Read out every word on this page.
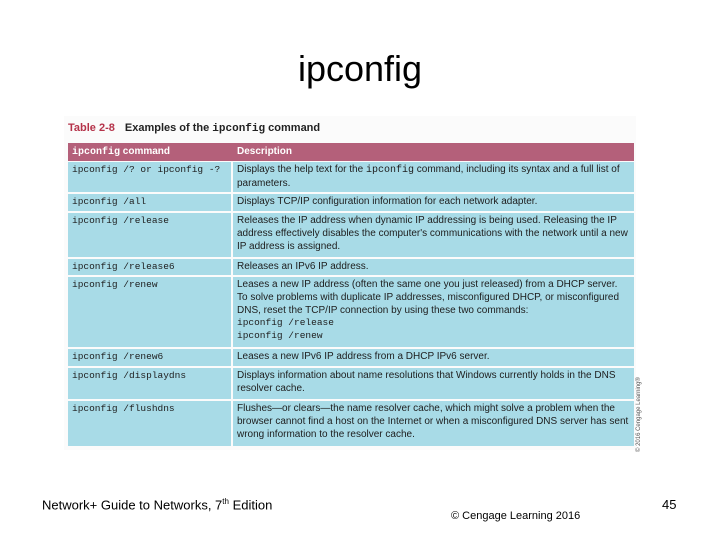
ipconfig
Table 2-8 Examples of the ipconfig command
ipconfig command	Description
ipconfig /? or ipconfig -?	Displays the help text for the ipconfig command, including its syntax and a full list of parameters.
ipconfig /all	Displays TCP/IP configuration information for each network adapter.
ipconfig /release	Releases the IP address when dynamic IP addressing is being used. Releasing the IP address effectively disables the computer's communications with the network until a new IP address is assigned.
ipconfig /release6	Releases an IPv6 IP address.
ipconfig /renew	Leases a new IP address (often the same one you just released) from a DHCP server. To solve problems with duplicate IP addresses, misconfigured DHCP, or misconfigured DNS, reset the TCP/IP connection by using these two commands:
ipconfig /release
ipconfig /renew
ipconfig /renew6	Leases a new IPv6 IP address from a DHCP IPv6 server.
ipconfig /displaydns	Displays information about name resolutions that Windows currently holds in the DNS resolver cache.
ipconfig /flushdns	Flushes—or clears—the name resolver cache, which might solve a problem when the browser cannot find a host on the Internet or when a misconfigured DNS server has sent wrong information to the resolver cache.	© 2016 Cengage Learning®
Network+ Guide to Networks, 7th Edition
© Cengage Learning 2016
45
